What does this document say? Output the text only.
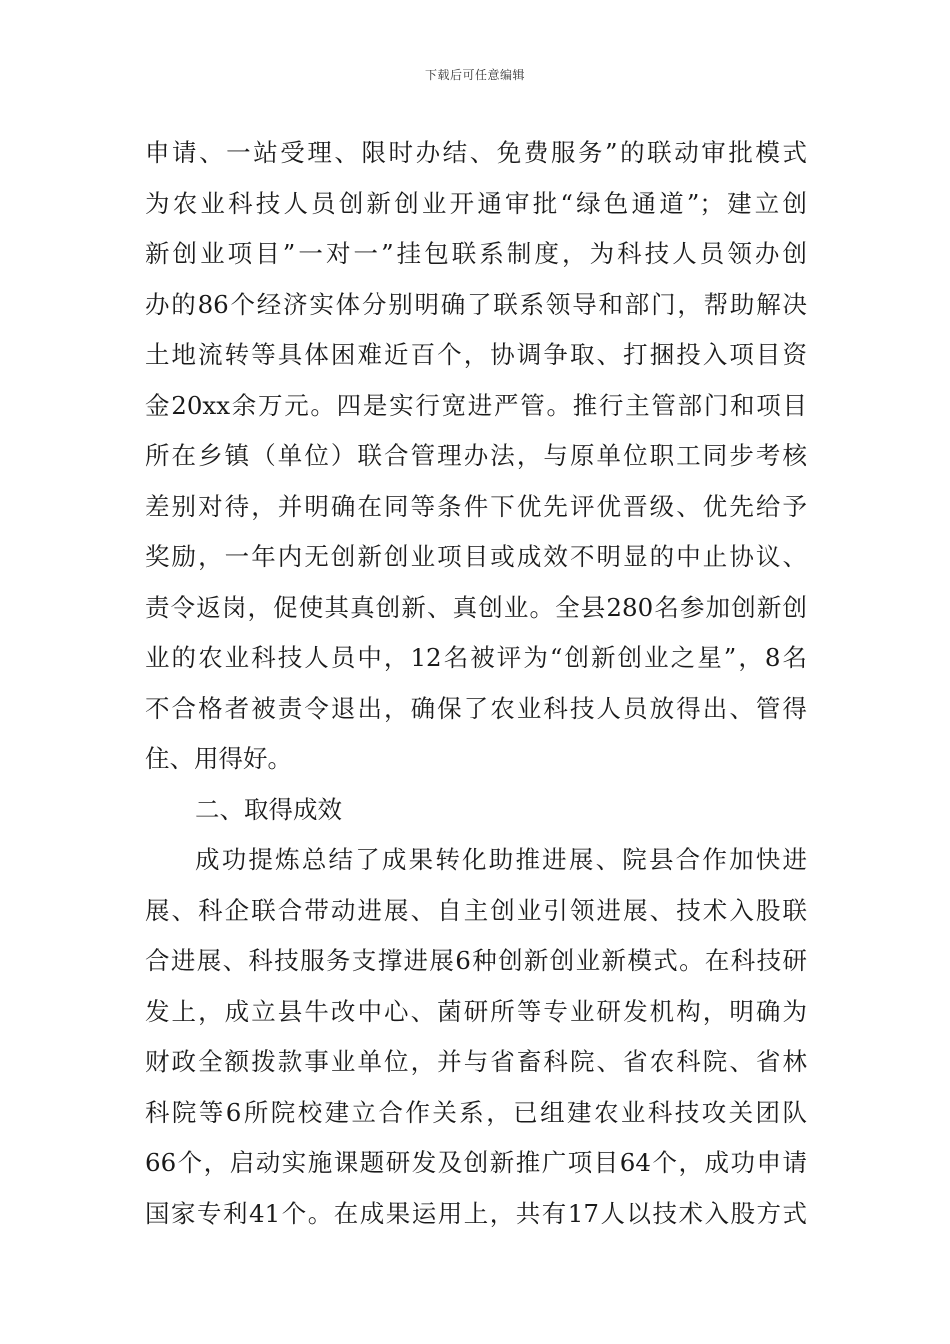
下载后可任意编辑
申请、一站受理、限时办结、免费服务”的联动审批模式
为农业科技人员创新创业开通审批“绿色通道”；建立创
新创业项目”一对一”挂包联系制度，为科技人员领办创
办的86个经济实体分别明确了联系领导和部门，帮助解决
土地流转等具体困难近百个，协调争取、打捆投入项目资
金20xx余万元。四是实行宽进严管。推行主管部门和项目
所在乡镇（单位）联合管理办法，与原单位职工同步考核
差别对待，并明确在同等条件下优先评优晋级、优先给予
奖励，一年内无创新创业项目或成效不明显的中止协议、
责令返岗，促使其真创新、真创业。全县280名参加创新创
业的农业科技人员中，12名被评为“创新创业之星”，8名
不合格者被责令退出，确保了农业科技人员放得出、管得
住、用得好。
二、取得成效
成功提炼总结了成果转化助推进展、院县合作加快进
展、科企联合带动进展、自主创业引领进展、技术入股联
合进展、科技服务支撑进展6种创新创业新模式。在科技研
发上，成立县牛改中心、菌研所等专业研发机构，明确为
财政全额拨款事业单位，并与省畜科院、省农科院、省林
科院等6所院校建立合作关系，已组建农业科技攻关团队
66个，启动实施课题研发及创新推广项目64个，成功申请
国家专利41个。在成果运用上，共有17人以技术入股方式
